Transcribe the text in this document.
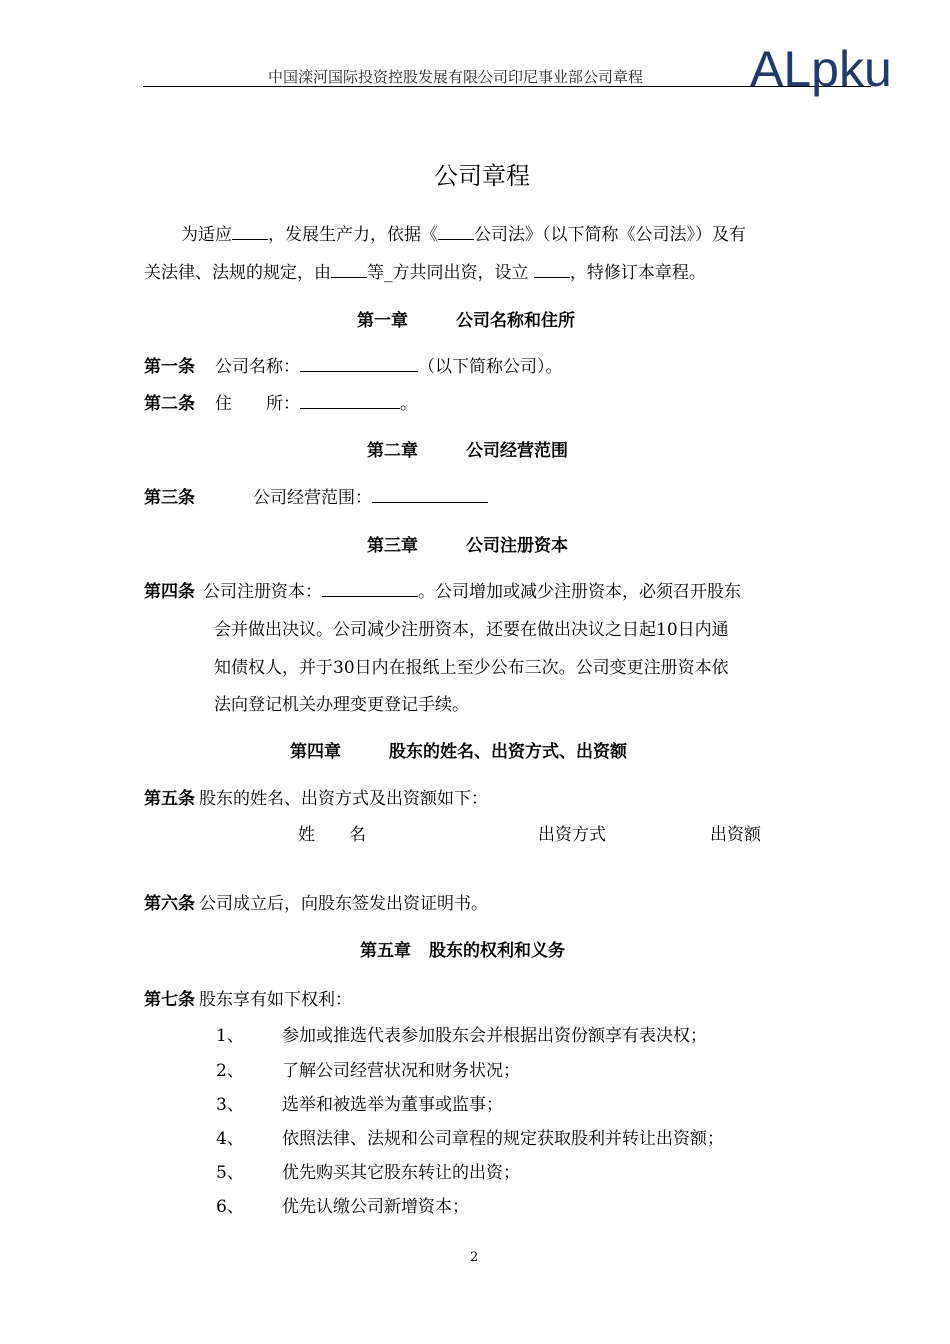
中国滦河国际投资控股发展有限公司印尼事业部公司章程 ALpku
公司章程
为适应 ，发展生产力，依据《 公司法》（以下简称《公司法》）及有
关法律、法规的规定，由 等_方共同出资，设立 ，特修订本章程。
第一章	公司名称和住所
第一条 公司名称：	（以下简称公司）。
第二条 住　　所：	。
第二章	公司经营范围
第三条	公司经营范围：
第三章	公司注册资本
第四条 公司注册资本：	。公司增加或减少注册资本，必须召开股东
会并做出决议。公司减少注册资本，还要在做出决议之日起10日内通
知债权人，并于30日内在报纸上至少公布三次。公司变更注册资本依
法向登记机关办理变更登记手续。
第四章	股东的姓名、出资方式、出资额
第五条 股东的姓名、出资方式及出资额如下：
姓　　名	出资方式	出资额
第六条 公司成立后，向股东签发出资证明书。
第五章 股东的权利和义务
第七条 股东享有如下权利：
1、 参加或推选代表参加股东会并根据出资份额享有表决权；
2、 了解公司经营状况和财务状况；
3、 选举和被选举为董事或监事；
4、 依照法律、法规和公司章程的规定获取股利并转让出资额；
5、 优先购买其它股东转让的出资；
6、 优先认缴公司新增资本；
2
